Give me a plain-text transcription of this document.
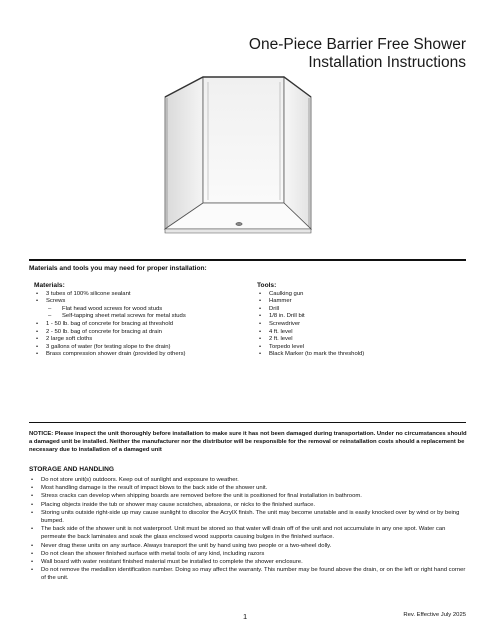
One-Piece Barrier Free Shower
Installation Instructions
Materials and tools you may need for proper installation:
Materials:
• 3 tubes of 100% silicone sealant
• Screws
– Flat head wood screws for wood studs
– Self-tapping sheet metal screws for metal studs
• 1 - 50 lb. bag of concrete for bracing at threshold
• 2 - 50 lb. bag of concrete for bracing at drain
• 2 large soft cloths
• 3 gallons of water (for testing slope to the drain)
• Brass compression shower drain (provided by others)
Tools:
• Caulking gun
• Hammer
• Drill
• 1/8 in. Drill bit
• Screwdriver
• 4 ft. level
• 2 ft. level
• Torpedo level
• Black Marker (to mark the threshold)
NOTICE: Please inspect the unit thoroughly before installation to make sure it has not been damaged during transportation. Under no circumstances should a damaged unit be installed. Neither the manufacturer nor the distributor will be responsible for the removal or reinstallation costs should a replacement be necessary due to installation of a damaged unit
STORAGE AND HANDLING
• Do not store unit(s) outdoors. Keep out of sunlight and exposure to weather.
• Most handling damage is the result of impact blows to the back side of the shower unit.
• Stress cracks can develop when shipping boards are removed before the unit is positioned for final installation in bathroom.
• Placing objects inside the tub or shower may cause scratches, abrasions, or nicks to the finished surface.
• Storing units outside right-side up may cause sunlight to discolor the AcrylX finish. The unit may become unstable and is easily knocked over by wind or by being bumped.
• The back side of the shower unit is not waterproof. Unit must be stored so that water will drain off of the unit and not accumulate in any one spot. Water can permeate the back laminates and soak the glass enclosed wood supports causing bulges in the finished surface.
• Never drag these units on any surface. Always transport the unit by hand using two people or a two-wheel dolly.
• Do not clean the shower finished surface with metal tools of any kind, including razors
• Wall board with water resistant finished material must be installed to complete the shower enclosure.
• Do not remove the medallion identification number. Doing so may affect the warranty. This number may be found above the drain, or on the left or right hand corner of the unit.
1	Rev. Effective July 2025
